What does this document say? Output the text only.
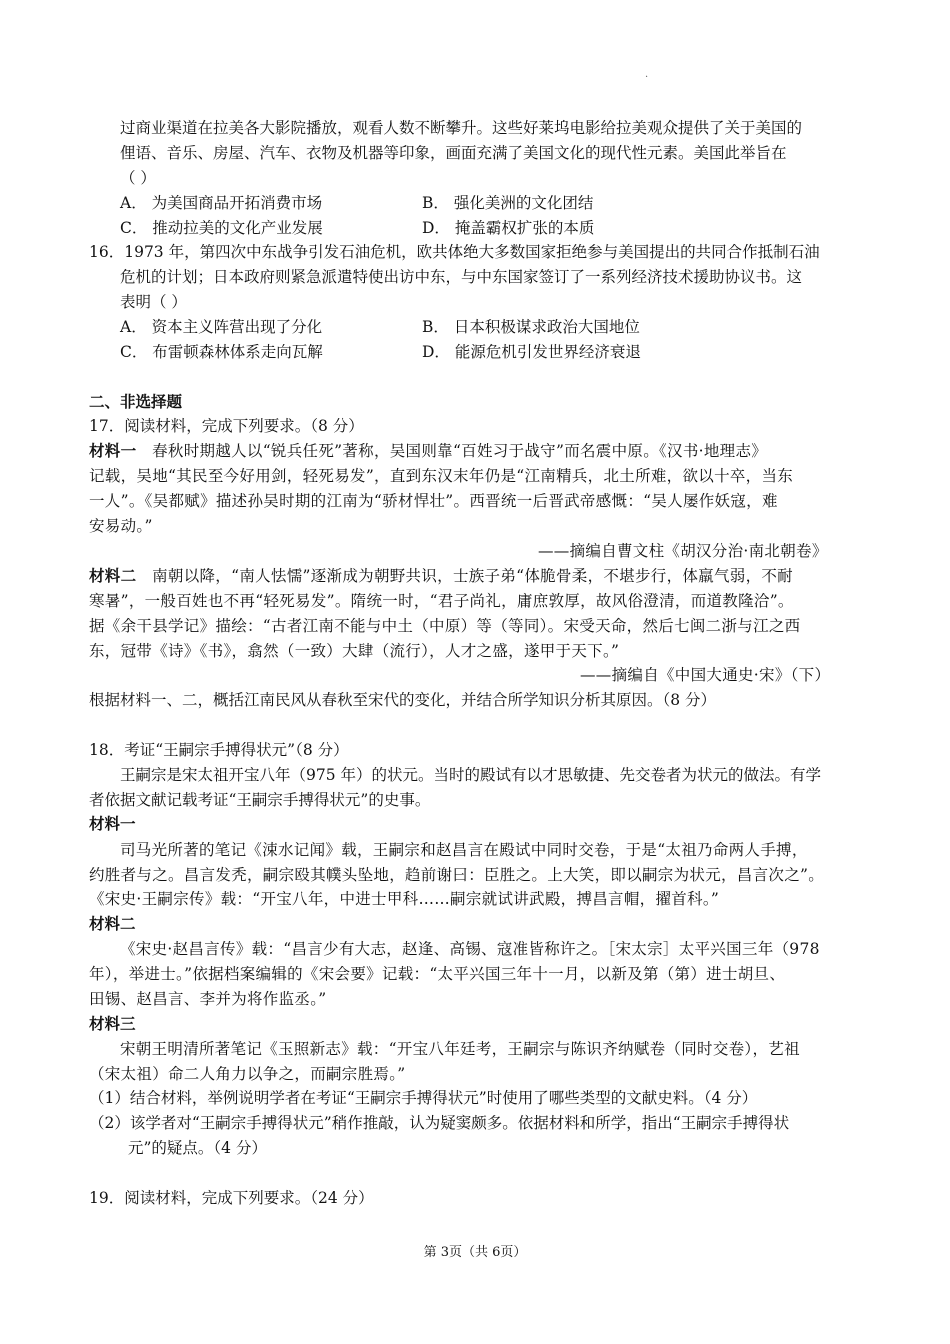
·
过商业渠道在拉美各大影院播放，观看人数不断攀升。这些好莱坞电影给拉美观众提供了关于美国的
俚语、音乐、房屋、汽车、衣物及机器等印象，画面充满了美国文化的现代性元素。美国此举旨在
（ ）
A． 为美国商品开拓消费市场	B． 强化美洲的文化团结
C． 推动拉美的文化产业发展	D． 掩盖霸权扩张的本质
16．1973 年，第四次中东战争引发石油危机，欧共体绝大多数国家拒绝参与美国提出的共同合作抵制石油
危机的计划；日本政府则紧急派遣特使出访中东，与中东国家签订了一系列经济技术援助协议书。这
表明（ ）
A． 资本主义阵营出现了分化	B． 日本积极谋求政治大国地位
C． 布雷顿森林体系走向瓦解	D． 能源危机引发世界经济衰退
二、非选择题
17．阅读材料，完成下列要求。（8 分）
材料一 春秋时期越人以“锐兵任死”著称，吴国则靠“百姓习于战守”而名震中原。《汉书·地理志》
记载，吴地“其民至今好用剑，轻死易发”，直到东汉末年仍是“江南精兵，北土所难，欲以十卒，当东
一人”。《吴都赋》描述孙吴时期的江南为“骄材悍壮”。西晋统一后晋武帝感慨：“吴人屡作妖寇，难
安易动。”
——摘编自曹文柱《胡汉分治·南北朝卷》
材料二 南朝以降，“南人怯懦”逐渐成为朝野共识，士族子弟“体脆骨柔，不堪步行，体羸气弱，不耐
寒暑”，一般百姓也不再“轻死易发”。隋统一时，“君子尚礼，庸庶敦厚，故风俗澄清，而道教隆洽”。
据《余干县学记》描绘：“古者江南不能与中土（中原）等（等同）。宋受天命，然后七闽二浙与江之西
东，冠带《诗》《书》，翕然（一致）大肆（流行），人才之盛，遂甲于天下。”
——摘编自《中国大通史·宋》（下）
根据材料一、二，概括江南民风从春秋至宋代的变化，并结合所学知识分析其原因。（8 分）
18．考证“王嗣宗手搏得状元”（8 分）
王嗣宗是宋太祖开宝八年（975 年）的状元。当时的殿试有以才思敏捷、先交卷者为状元的做法。有学
者依据文献记载考证“王嗣宗手搏得状元”的史事。
材料一
司马光所著的笔记《涑水记闻》载，王嗣宗和赵昌言在殿试中同时交卷，于是“太祖乃命两人手搏，
约胜者与之。昌言发秃，嗣宗殴其幞头坠地，趋前谢曰：臣胜之。上大笑，即以嗣宗为状元，昌言次之”。
《宋史·王嗣宗传》载：“开宝八年，中进士甲科……嗣宗就试讲武殿，搏昌言帽，擢首科。”
材料二
《宋史·赵昌言传》载：“昌言少有大志，赵逢、高锡、寇准皆称许之。［宋太宗］太平兴国三年（978
年），举进士。”依据档案编辑的《宋会要》记载：“太平兴国三年十一月，以新及第（第）进士胡旦、
田锡、赵昌言、李并为将作监丞。”
材料三
宋朝王明清所著笔记《玉照新志》载：“开宝八年廷考，王嗣宗与陈识齐纳赋卷（同时交卷），艺祖
（宋太祖）命二人角力以争之，而嗣宗胜焉。”
（1）结合材料，举例说明学者在考证“王嗣宗手搏得状元”时使用了哪些类型的文献史料。（4 分）
（2）该学者对“王嗣宗手搏得状元”稍作推敲，认为疑窦颇多。依据材料和所学，指出“王嗣宗手搏得状
元”的疑点。（4 分）
19．阅读材料，完成下列要求。（24 分）
第 3页（共 6页）
